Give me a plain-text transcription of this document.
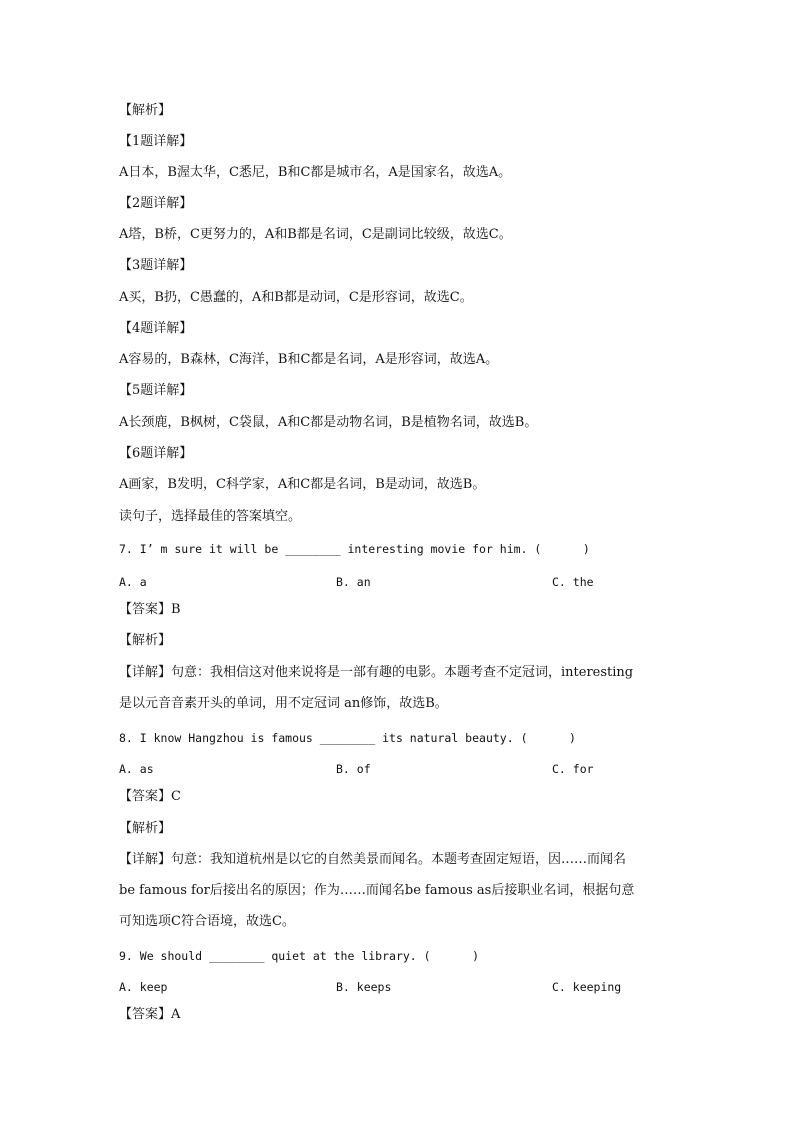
【解析】
【1题详解】
A日本，B渥太华，C悉尼，B和C都是城市名，A是国家名，故选A。
【2题详解】
A塔，B桥，C更努力的，A和B都是名词，C是副词比较级，故选C。
【3题详解】
A买，B扔，C愚蠢的，A和B都是动词，C是形容词，故选C。
【4题详解】
A容易的，B森林，C海洋，B和C都是名词，A是形容词，故选A。
【5题详解】
A长颈鹿，B枫树，C袋鼠，A和C都是动物名词，B是植物名词，故选B。
【6题详解】
A画家，B发明，C科学家，A和C都是名词，B是动词，故选B。
读句子，选择最佳的答案填空。
7. I’ m sure it will be ________ interesting movie for him. (      )
A. a	B. an	C. the
【答案】B
【解析】
【详解】句意：我相信这对他来说将是一部有趣的电影。本题考查不定冠词，interesting
是以元音音素开头的单词，用不定冠词 an修饰，故选B。
8. I know Hangzhou is famous ________ its natural beauty. (      )
A. as	B. of	C. for
【答案】C
【解析】
【详解】句意：我知道杭州是以它的自然美景而闻名。本题考查固定短语，因……而闻名
be famous for后接出名的原因；作为……而闻名be famous as后接职业名词，根据句意
可知选项C符合语境，故选C。
9. We should ________ quiet at the library. (      )
A. keep	B. keeps	C. keeping
【答案】A
